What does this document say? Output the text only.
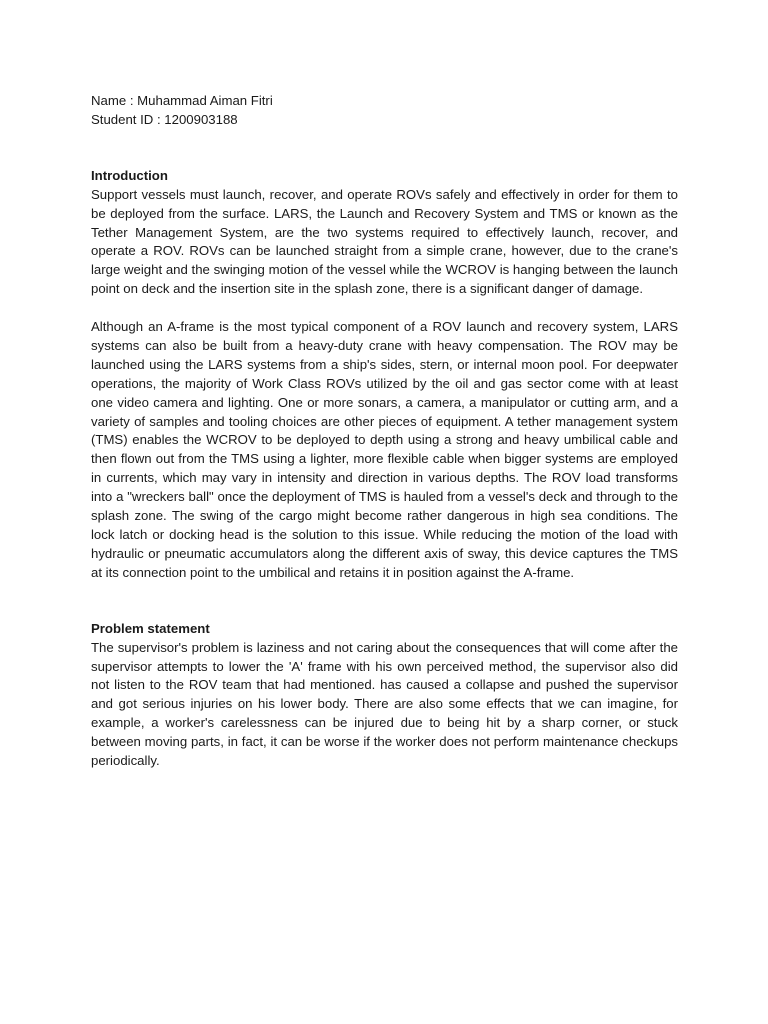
Name : Muhammad Aiman Fitri
Student ID : 1200903188
Introduction

Support vessels must launch, recover, and operate ROVs safely and effectively in order for them to be deployed from the surface. LARS, the Launch and Recovery System and TMS or known as the Tether Management System, are the two systems required to effectively launch, recover, and operate a ROV. ROVs can be launched straight from a simple crane, however, due to the crane's large weight and the swinging motion of the vessel while the WCROV is hanging between the launch point on deck and the insertion site in the splash zone, there is a significant danger of damage.

Although an A-frame is the most typical component of a ROV launch and recovery system, LARS systems can also be built from a heavy-duty crane with heavy compensation. The ROV may be launched using the LARS systems from a ship's sides, stern, or internal moon pool. For deepwater operations, the majority of Work Class ROVs utilized by the oil and gas sector come with at least one video camera and lighting. One or more sonars, a camera, a manipulator or cutting arm, and a variety of samples and tooling choices are other pieces of equipment. A tether management system (TMS) enables the WCROV to be deployed to depth using a strong and heavy umbilical cable and then flown out from the TMS using a lighter, more flexible cable when bigger systems are employed in currents, which may vary in intensity and direction in various depths. The ROV load transforms into a "wreckers ball" once the deployment of TMS is hauled from a vessel's deck and through to the splash zone. The swing of the cargo might become rather dangerous in high sea conditions. The lock latch or docking head is the solution to this issue. While reducing the motion of the load with hydraulic or pneumatic accumulators along the different axis of sway, this device captures the TMS at its connection point to the umbilical and retains it in position against the A-frame.

Problem statement

The supervisor's problem is laziness and not caring about the consequences that will come after the supervisor attempts to lower the 'A' frame with his own perceived method, the supervisor also did not listen to the ROV team that had mentioned. has caused a collapse and pushed the supervisor and got serious injuries on his lower body. There are also some effects that we can imagine, for example, a worker's carelessness can be injured due to being hit by a sharp corner, or stuck between moving parts, in fact, it can be worse if the worker does not perform maintenance checkups periodically.
